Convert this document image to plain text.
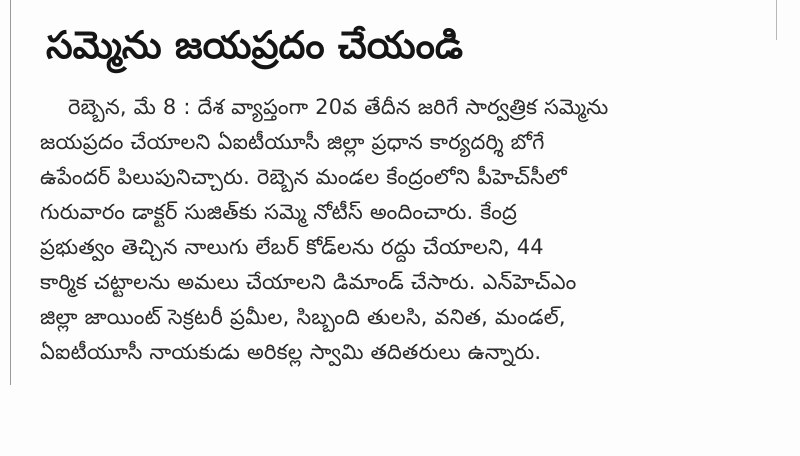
సమ్మెను జయప్రదం చేయండి
రెబ్బెన, మే 8 : దేశ వ్యాప్తంగా 20వ తేదీన జరిగే సార్వత్రిక సమ్మెను
జయప్రదం చేయాలని ఏఐటీయూసీ జిల్లా ప్రధాన కార్యదర్శి బోగే
ఉపేందర్ పిలుపునిచ్చారు. రెబ్బెన మండల కేంద్రంలోని పీహెచ్‌సీలో
గురువారం డాక్టర్ సుజిత్‌కు సమ్మె నోటీస్ అందించారు. కేంద్ర
ప్రభుత్వం తెచ్చిన నాలుగు లేబర్ కోడ్‌లను రద్దు చేయాలని, 44
కార్మిక చట్టాలను అమలు చేయాలని డిమాండ్ చేసారు. ఎన్‌హెచ్‌ఎం
జిల్లా జాయింట్ సెక్రటరీ ప్రమీల, సిబ్బంది తులసి, వనిత, మండల్,
ఏఐటీయూసీ నాయకుడు అరికల్ల స్వామి తదితరులు ఉన్నారు.
